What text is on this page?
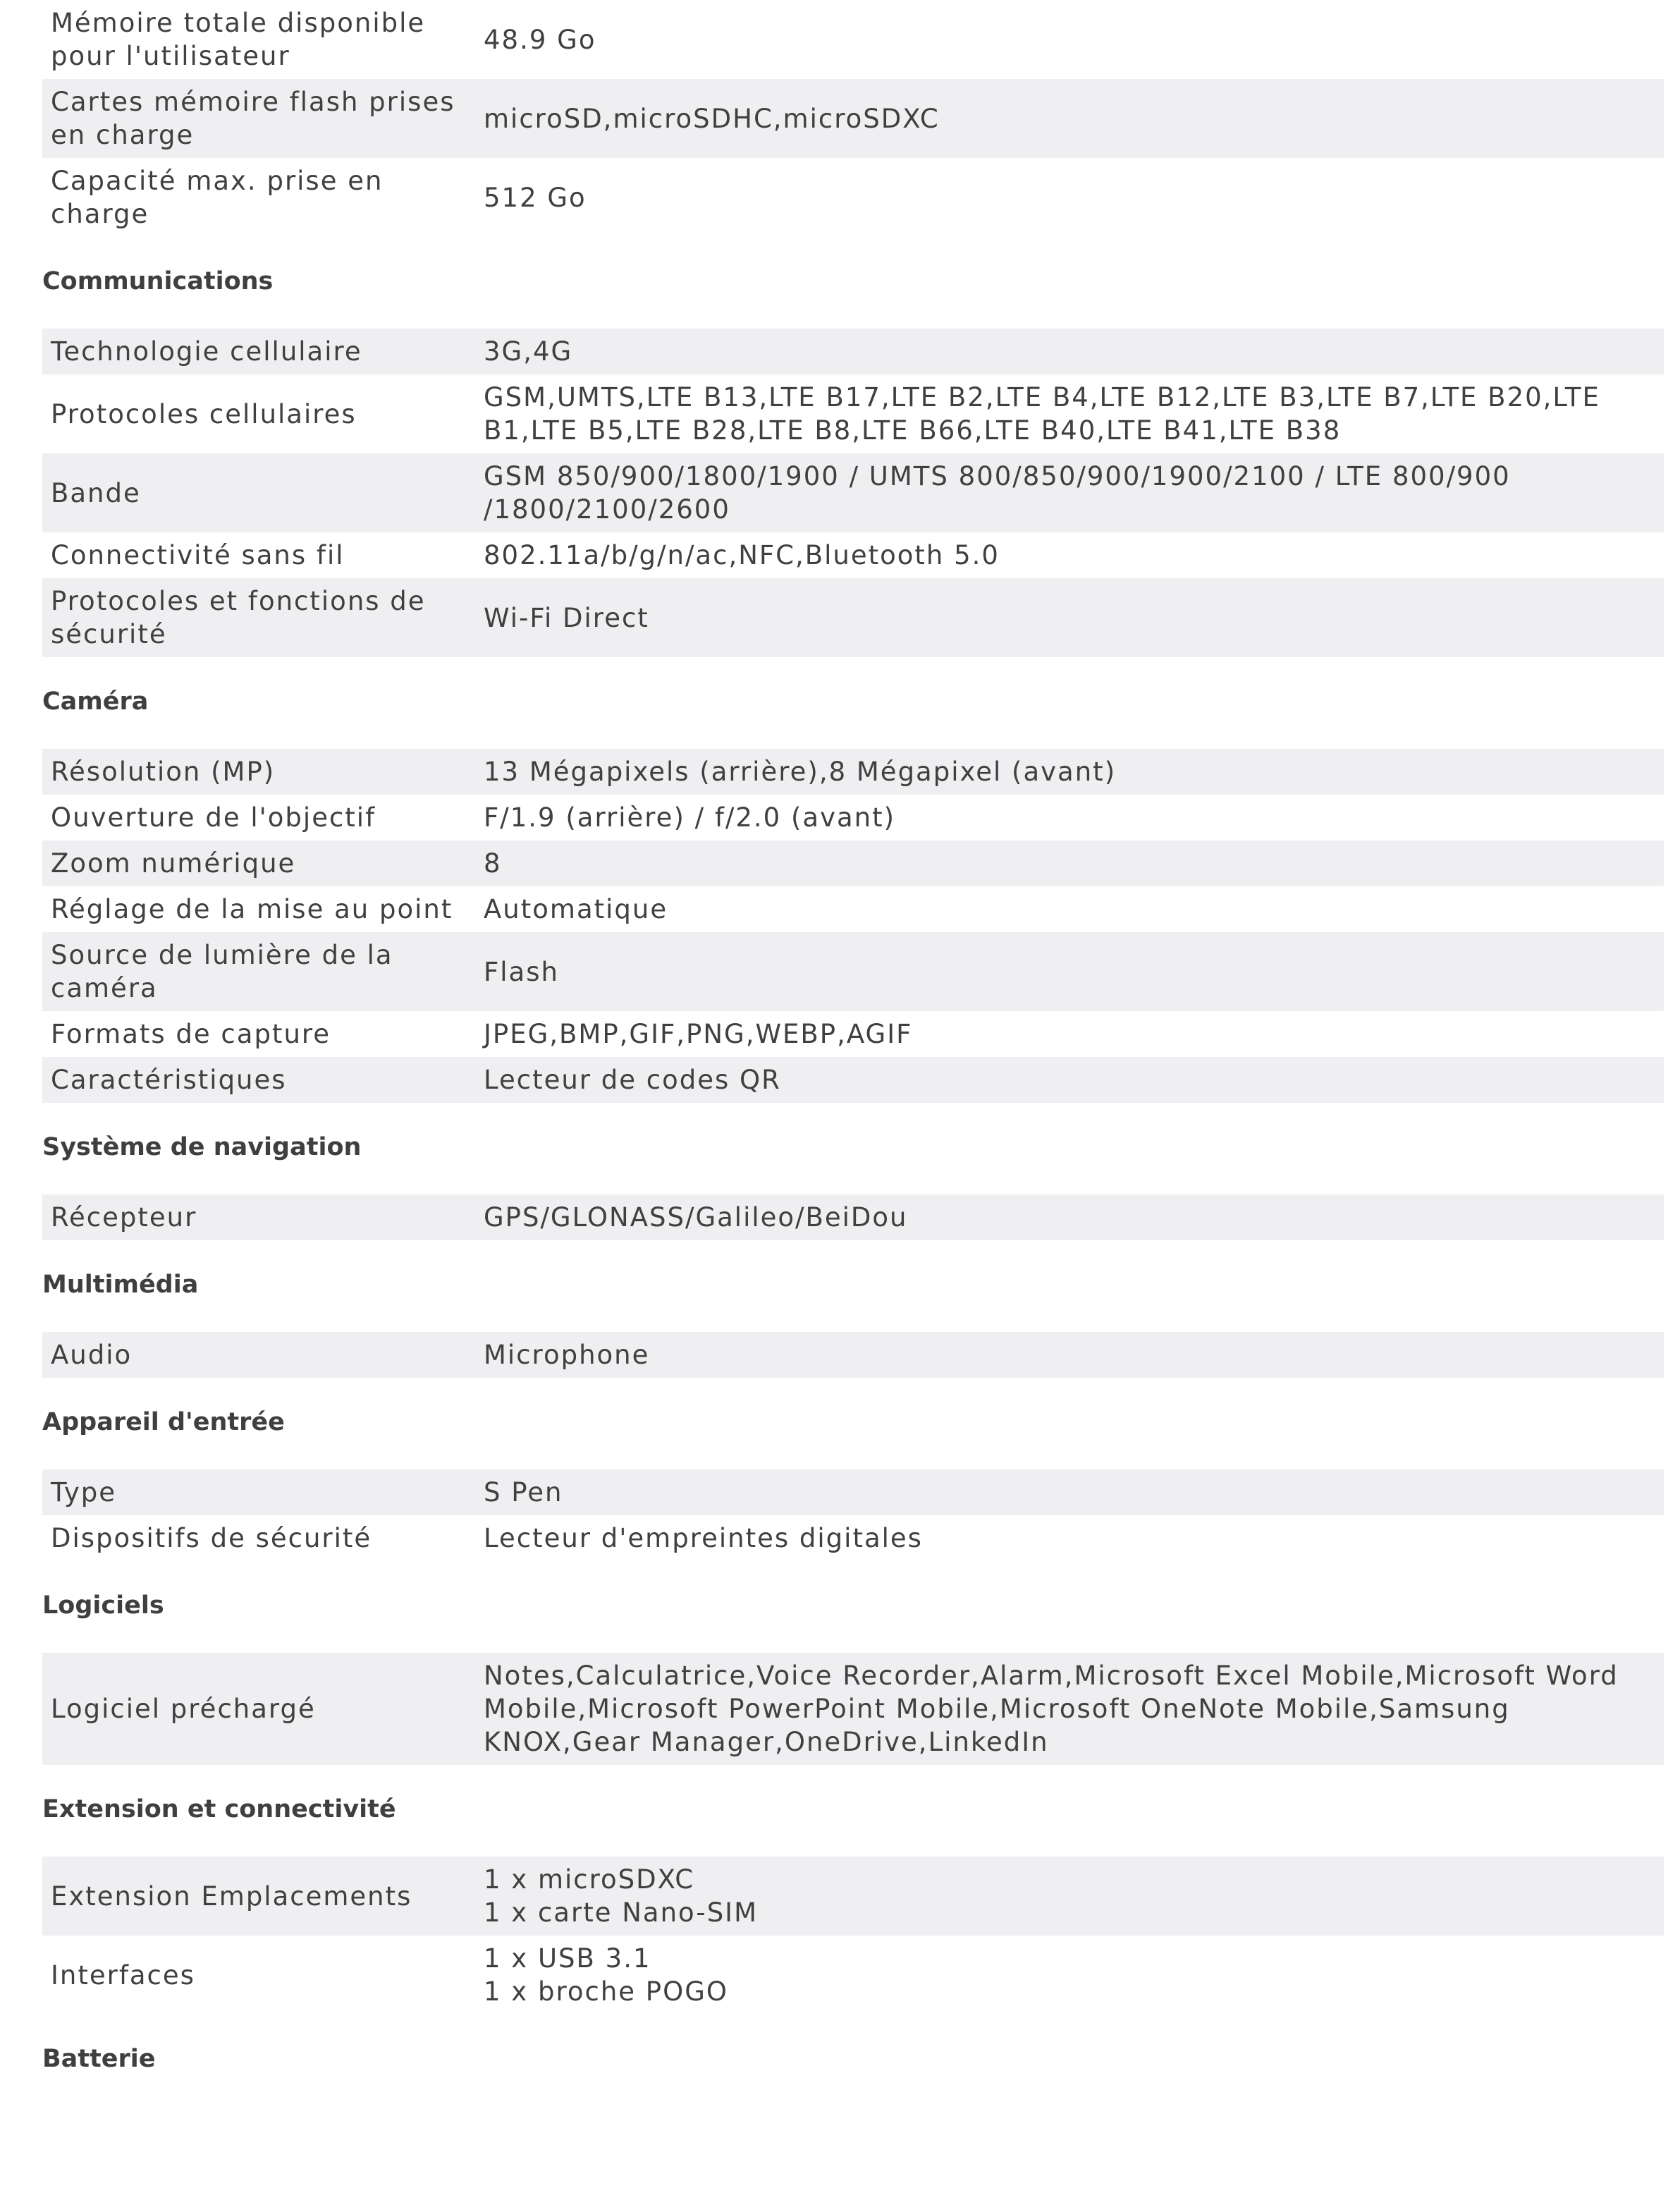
Mémoire totale disponible pour l'utilisateur	48.9 Go
Cartes mémoire flash prises en charge	microSD,microSDHC,microSDXC
Capacité max. prise en charge	512 Go
Communications
Technologie cellulaire	3G,4G
Protocoles cellulaires	GSM,UMTS,LTE B13,LTE B17,LTE B2,LTE B4,LTE B12,LTE B3,LTE B7,LTE B20,LTE B1,LTE B5,LTE B28,LTE B8,LTE B66,LTE B40,LTE B41,LTE B38
Bande	GSM 850/900/1800/1900 / UMTS 800/850/900/1900/2100 / LTE 800/900 /1800/2100/2600
Connectivité sans fil	802.11a/b/g/n/ac,NFC,Bluetooth 5.0
Protocoles et fonctions de sécurité	Wi-Fi Direct
Caméra
Résolution (MP)	13 Mégapixels (arrière),8 Mégapixel (avant)
Ouverture de l'objectif	F/1.9 (arrière) / f/2.0 (avant)
Zoom numérique	8
Réglage de la mise au point	Automatique
Source de lumière de la caméra	Flash
Formats de capture	JPEG,BMP,GIF,PNG,WEBP,AGIF
Caractéristiques	Lecteur de codes QR
Système de navigation
Récepteur	GPS/GLONASS/Galileo/BeiDou
Multimédia
Audio	Microphone
Appareil d'entrée
Type	S Pen
Dispositifs de sécurité	Lecteur d'empreintes digitales
Logiciels
Logiciel préchargé	Notes,Calculatrice,Voice Recorder,Alarm,Microsoft Excel Mobile,Microsoft Word Mobile,Microsoft PowerPoint Mobile,Microsoft OneNote Mobile,Samsung KNOX,Gear Manager,OneDrive,LinkedIn
Extension et connectivité
Extension Emplacements	1 x microSDXC
1 x carte Nano-SIM
Interfaces	1 x USB 3.1
1 x broche POGO
Batterie
